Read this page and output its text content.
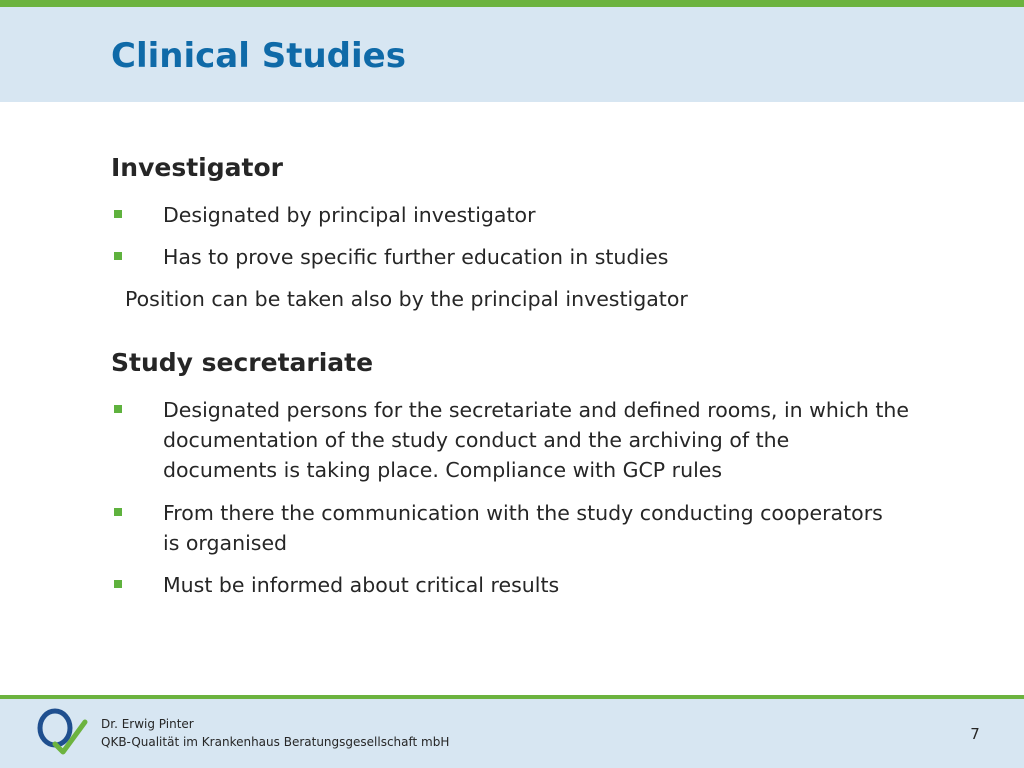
Clinical Studies
Investigator
Designated by principal investigator
Has to prove specific further education in studies
Position can be taken also by the principal investigator
Study secretariate
Designated persons for the secretariate and defined rooms, in which the
documentation of the study conduct and the archiving of the
documents is taking place. Compliance with GCP rules
From there the communication with the study conducting cooperators
is organised
Must be informed about critical results
Dr. Erwig Pinter
QKB-Qualität im Krankenhaus Beratungsgesellschaft mbH	7
